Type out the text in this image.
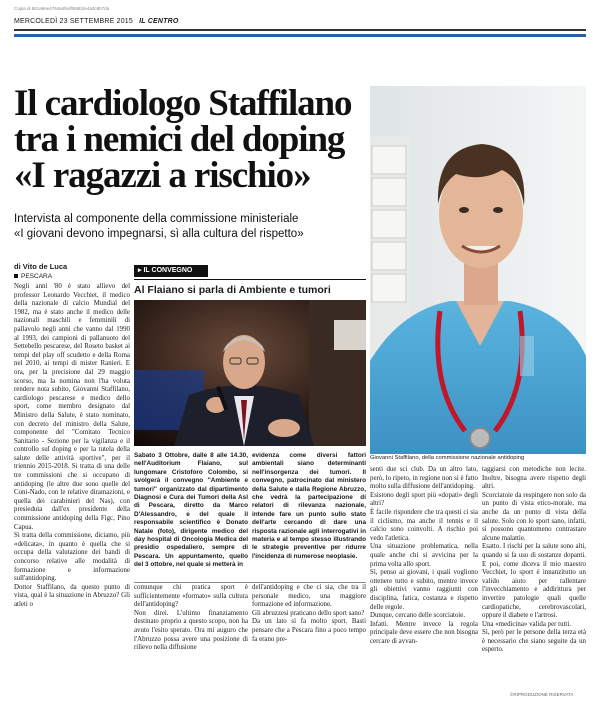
Copia di 881a9ee4764a4fedf066b2e4a3c6b7da
MERCOLEDÌ 23 SETTEMBRE 2015 IL CENTRO
Il cardiologo Staffilano
tra i nemici del doping
«I ragazzi a rischio»
Intervista al componente della commissione ministeriale
«I giovani devono impegnarsi, sì alla cultura del rispetto»
di Vito de Luca
PESCARA
Negli anni '80 è stato allievo del professor Leonardo Vecchiet, il medico della nazionale di calcio Mundial del 1982, ma è stato anche il medico delle nazionali maschili e femminili di pallavolo negli anni che vanno dal 1990 al 1993, dei campioni di pallanuoto del Settebello pescarese, del Roseto basket ai tempi del play off scudetto e della Roma nel 2010, ai tempi di mister Ranieri. E ora, per la precisione dal 29 maggio scorso, ma la nomina non l'ha voluta rendere nota subito, Giovanni Staffilano, cardiologo pescarese e medico dello sport, come membro designato dal Ministro della Salute, è stato nominato, con decreto del ministro della Salute, componente del "Comitato Tecnico Sanitario - Sezione per la vigilanza e il controllo sul doping e per la tutela della salute delle attività sportive", per il triennio 2015-2018. Si tratta di una delle tre commissioni che si occupano di antidoping (le altre due sono quelle del Coni-Nado, con le relative diramazioni, e quella dei carabinieri del Nas), con presieduta dall'ex presidente della commissione antidoping della Figc, Pino Capua.
Si tratta della commissione, diciamo, più «delicata», in quanto è quella che si occupa della valutazione dei bandi di concorso relative alle modalità di formazione e informazione sull'antidoping.
Dottor Staffilano, da questo punto di vista, qual è la situazione in Abruzzo? Gli atleti o
▸ IL CONVEGNO
Al Flaiano si parla di Ambiente e tumori
Sabato 3 Ottobre, dalle 8 alle 14.30, nell'Auditorium Flaiano, sul lungomare Cristoforo Colombo, si svolgerà il convegno "Ambiente e tumori" organizzato dal dipartimento Diagnosi e Cura dei Tumori della Asl di Pescara, diretto da Marco D'Alessandro, e del quale il responsabile scientifico è Donato Natale (foto), dirigente medico del day hospital di Oncologia Medica del presidio ospedaliero, sempre di Pescara. Un appuntamento, quello del 3 ottobre, nel quale si metterà in
evidenza come diversi fattori ambientali siano determinanti nell'insorgenza dei tumori. Il convegno, patrocinato dal ministero della Salute e dalla Regione Abruzzo, che vedrà la partecipazione di relatori di rilevanza nazionale, intende fare un punto sullo stato dell'arte cercando di dare una risposta razionale agli interrogativi in materia e al tempo stesso illustrando le strategie preventive per ridurre l'incidenza di numerose neoplasie.
comunque chi pratica sport è sufficientemente «formato» sulla cultura dell'antidoping?
Non direi. L'ultimo finanziamento destinato proprio a questo scopo, non ha avuto l'esito sperato. Ora mi auguro che l'Abruzzo possa avere una posizione di rilievo nella diffusione
dell'antidoping e che ci sia, che tra il personale medico, una maggiore formazione ed informazione.
Gli abruzzesi praticano dello sport sano?
Da un lato sì fa molto sport. Basti pensare che a Pescara fino a poco tempo fa erano pre-
Giovanni Staffilano, della commissione nazionale antidoping
senti due sci club. Da un altro lato, però, lo ripeto, in regione non si è fatto molto sulla diffusione dell'antidoping.
Esistono degli sport più «dopati» degli altri?
È facile rispondere che tra questi ci sia il ciclismo, ma anche il tennis e il calcio sono coinvolti. A rischio poi vedo l'atletica.
Una situazione problematica, nella quale anche chi si avvicina per la prima volta allo sport.
Sì, penso ai giovani, i quali vogliono ottenere tutto e subito, mentre invece gli obiettivi vanno raggiunti con disciplina, fatica, costanza e rispetto delle regole.
Dunque, cercano delle scorciatoie.
Infatti. Mentre invece la regola principale deve essere che non bisogna cercare di avvan-
taggiarsi con metodiche non lecite. Inoltre, bisogna avere rispetto degli altri.
Scorciatoie da respingere non solo da un punto di vista etico-morale, ma anche da un punto di vista della salute. Solo con lo sport sano, infatti, si possono quantomeno contrastare alcune malattie.
Esatto. I rischi per la salute sono alti, quando si fa uso di sostanze dopanti. E poi, come diceva il mio maestro Vecchiet, lo sport è innanzitutto un valido aiuto per rallentare l'invecchiamento e addirittura per invertire patologie quali quelle cardiopatiche, cerebrovascolari, oppure il diabete e l'artrosi.
Una «medicina» valida per tutti.
Sì, però per le persone della terza età è necessario che siano seguite da un esperto.
©RIPRODUZIONE RISERVATA
